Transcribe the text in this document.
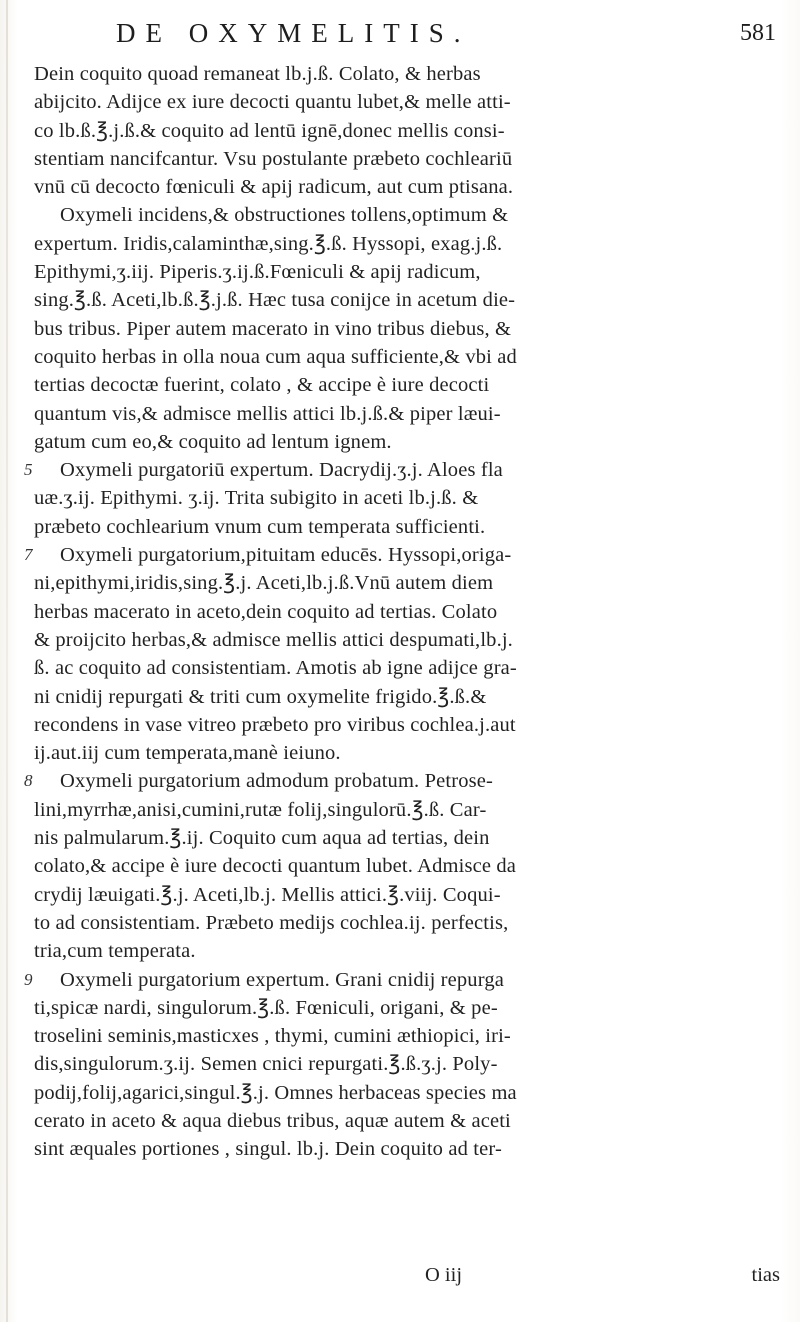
DE OXYMELITIS.	581
Dein coquito quoad remaneat lb.j.ß. Colato, & herbas
abijcito. Adijce ex iure decocti quantu lubet,& melle atti-
co lb.ß.℥.j.ß.& coquito ad lentū ignē,donec mellis consi-
stentiam nancifcantur. Vsu postulante præbeto cochleariū
vnū cū decocto fœniculi & apij radicum, aut cum ptisana.
Oxymeli incidens,& obstructiones tollens,optimum &
expertum. Iridis,calaminthæ,sing.℥.ß. Hyssopi, exag.j.ß.
Epithymi,ʒ.iij. Piperis.ʒ.ij.ß.Fœniculi & apij radicum,
sing.℥.ß. Aceti,lb.ß.℥.j.ß. Hæc tusa conijce in acetum die-
bus tribus. Piper autem macerato in vino tribus diebus, &
coquito herbas in olla noua cum aqua sufficiente,& vbi ad
tertias decoctæ fuerint, colato , & accipe è iure decocti
quantum vis,& admisce mellis attici lb.j.ß.& piper læui-
gatum cum eo,& coquito ad lentum ignem.
5 Oxymeli purgatoriū expertum. Dacrydij.ʒ.j. Aloes fla
uæ.ʒ.ij. Epithymi. ʒ.ij. Trita subigito in aceti lb.j.ß. &
præbeto cochlearium vnum cum temperata sufficienti.
7 Oxymeli purgatorium,pituitam educēs. Hyssopi,origa-
ni,epithymi,iridis,sing.℥.j. Aceti,lb.j.ß.Vnū autem diem
herbas macerato in aceto,dein coquito ad tertias. Colato
& proijcito herbas,& admisce mellis attici despumati,lb.j.
ß. ac coquito ad consistentiam. Amotis ab igne adijce gra-
ni cnidij repurgati & triti cum oxymelite frigido.℥.ß.&
recondens in vase vitreo præbeto pro viribus cochlea.j.aut
ij.aut.iij cum temperata,manè ieiuno.
8 Oxymeli purgatorium admodum probatum. Petrose-
lini,myrrhæ,anisi,cumini,rutæ folij,singulorū.℥.ß. Car-
nis palmularum.℥.ij. Coquito cum aqua ad tertias, dein
colato,& accipe è iure decocti quantum lubet. Admisce da
crydij læuigati.℥.j. Aceti,lb.j. Mellis attici.℥.viij. Coqui-
to ad consistentiam. Præbeto medijs cochlea.ij. perfectis,
tria,cum temperata.
9 Oxymeli purgatorium expertum. Grani cnidij repurga
ti,spicæ nardi, singulorum.℥.ß. Fœniculi, origani, & pe-
troselini seminis,masticхes , thymi, cumini æthiopici, iri-
dis,singulorum.ʒ.ij. Semen cnici repurgati.℥.ß.ʒ.j. Poly-
podij,folij,agarici,singul.℥.j. Omnes herbaceas species ma
cerato in aceto & aqua diebus tribus, aquæ autem & aceti
sint æquales portiones , singul. lb.j. Dein coquito ad ter-
O iij	tias
